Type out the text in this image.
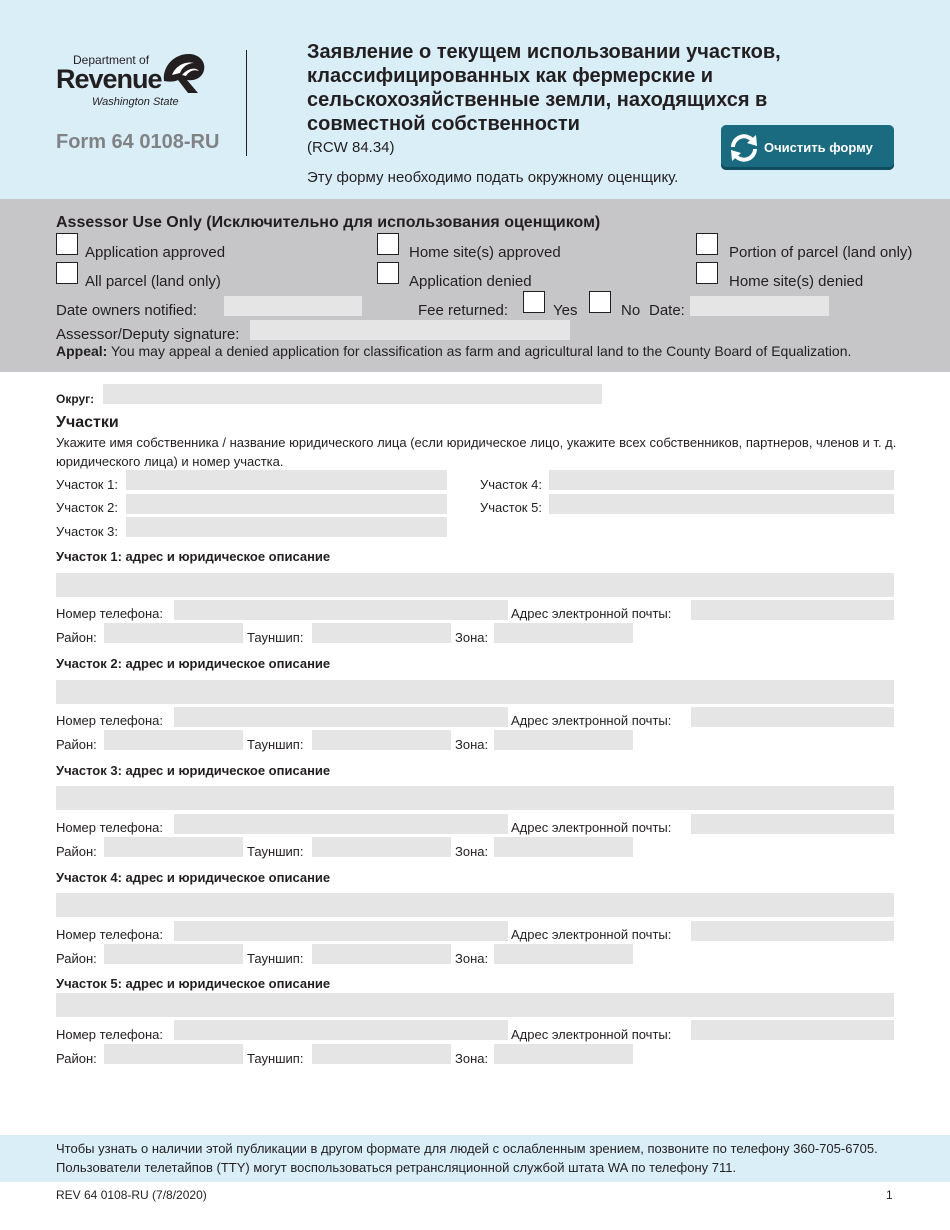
Department of
Revenue
Washington State
Form 64 0108-RU
Заявление о текущем использовании участков, классифицированных как фермерские и сельскохозяйственные земли, находящихся в совместной собственности
(RCW 84.34)
Эту форму необходимо подать окружному оценщику.
Очистить форму
Assessor Use Only (Исключительно для использования оценщиком)
Application approved	Home site(s) approved	Portion of parcel (land only)
All parcel (land only)	Application denied	Home site(s) denied
Date owners notified:	Fee returned:	Yes	No Date:
Assessor/Deputy signature:
Appeal: You may appeal a denied application for classification as farm and agricultural land to the County Board of Equalization.
Округ:
Участки
Укажите имя собственника / название юридического лица (если юридическое лицо, укажите всех собственников, партнеров, членов и т. д. юридического лица) и номер участка.
Участок 1:
Участок 2:
Участок 3:
Участок 4:
Участок 5:
Участок 1: адрес и юридическое описание
Номер телефона:	Адрес электронной почты:
Район:	Тауншип:	Зона:
Участок 2: адрес и юридическое описание
Номер телефона:	Адрес электронной почты:
Район:	Тауншип:	Зона:
Участок 3: адрес и юридическое описание
Номер телефона:	Адрес электронной почты:
Район:	Тауншип:	Зона:
Участок 4: адрес и юридическое описание
Номер телефона:	Адрес электронной почты:
Район:	Тауншип:	Зона:
Участок 5: адрес и юридическое описание
Номер телефона:	Адрес электронной почты:
Район:	Тауншип:	Зона:
Чтобы узнать о наличии этой публикации в другом формате для людей с ослабленным зрением, позвоните по телефону 360-705-6705. Пользователи телетайпов (TTY) могут воспользоваться ретрансляционной службой штата WA по телефону 711.
REV 64 0108-RU (7/8/2020)	1
